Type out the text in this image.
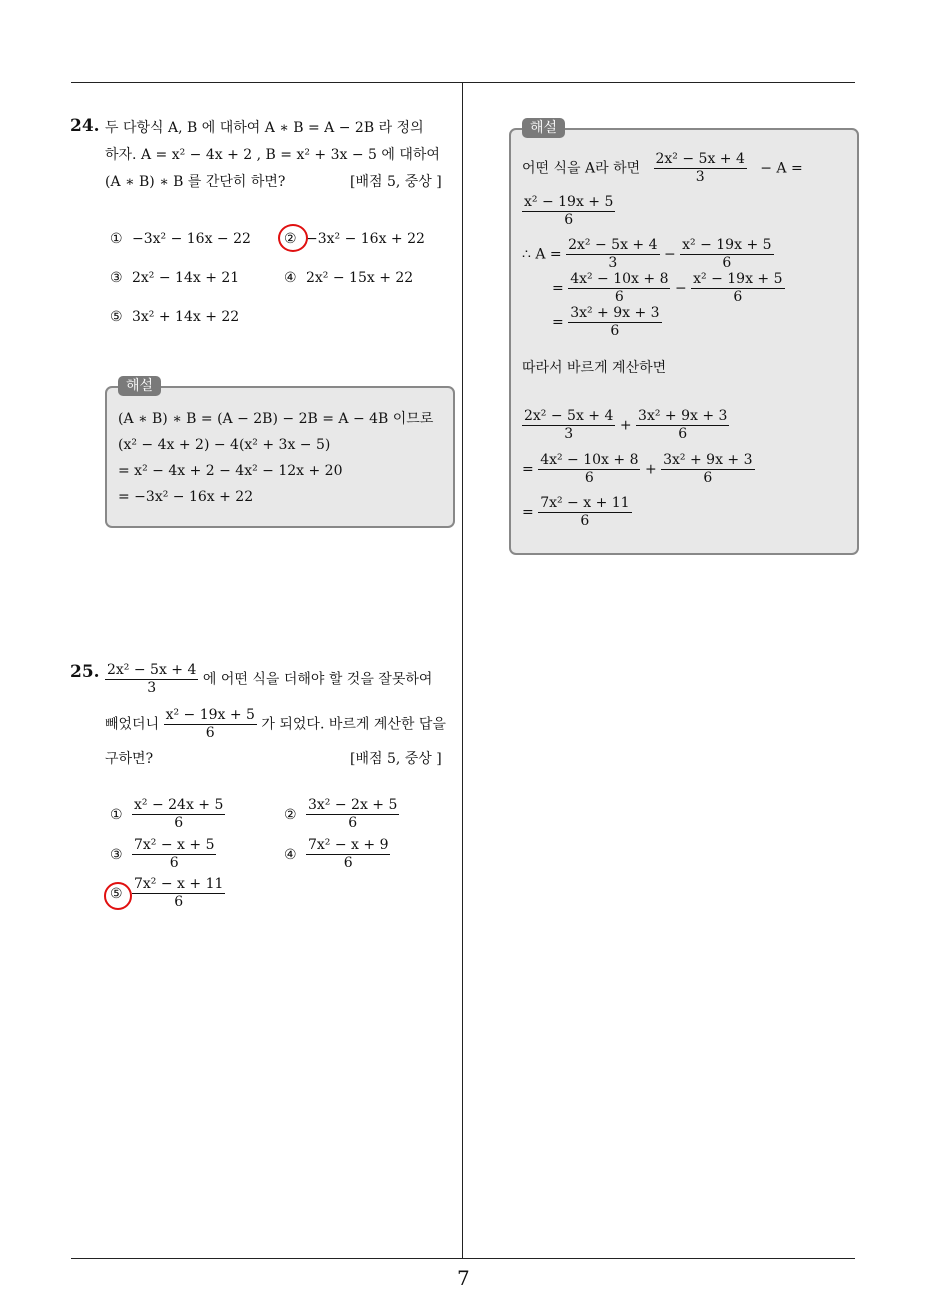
24. 두 다항식 A, B 에 대하여 A ∗ B = A − 2B 라 정의
하자. A = x² − 4x + 2 , B = x² + 3x − 5 에 대하여
(A ∗ B) ∗ B 를 간단히 하면?	[배점 5, 중상 ]
① −3x² − 16x − 22 ② −3x² − 16x + 22
③ 2x² − 14x + 21	④ 2x² − 15x + 22
⑤ 3x² + 14x + 22
해설
(A ∗ B) ∗ B = (A − 2B) − 2B = A − 4B 이므로
(x² − 4x + 2) − 4(x² + 3x − 5)
= x² − 4x + 2 − 4x² − 12x + 20
= −3x² − 16x + 22
25. $\frac{\text{2x² − 5x + 4}}{3}$ 에 어떤 식을 더해야 할 것을 잘못하여
빼었더니 $\frac{\text{x² − 19x + 5}}{6}$ 가 되었다. 바르게 계산한 답을
구하면?	[배점 5, 중상 ]
① $\frac{\text{x² − 24x + 5}}{6}$	② $\frac{\text{3x² − 2x + 5}}{6}$
③ $\frac{\text{7x² − x + 5}}{6}$	④ $\frac{\text{7x² − x + 9}}{6}$
⑤ $\frac{\text{7x² − x + 11}}{6}$
해설
어떤 식을 A라 하면 $\frac{\text{2x² − 5x + 4}}{3} - A$ =
$\frac{\text{x² − 19x + 5}}{6}$
∴ $A = \frac{\text{2x² − 5x + 4}}{3} - \frac{\text{x² − 19x + 5}}{6}$
= $\frac{\text{4x² − 10x + 8}}{6} - \frac{\text{x² − 19x + 5}}{6}$
= $\frac{\text{3x² + 9x + 3}}{6}$
따라서 바르게 계산하면
$\frac{\text{2x² − 5x + 4}}{3} + \frac{\text{3x² + 9x + 3}}{6}$
= $\frac{\text{4x² − 10x + 8}}{6} + \frac{\text{3x² + 9x + 3}}{6}$
= $\frac{\text{7x² − x + 11}}{6}$
7
